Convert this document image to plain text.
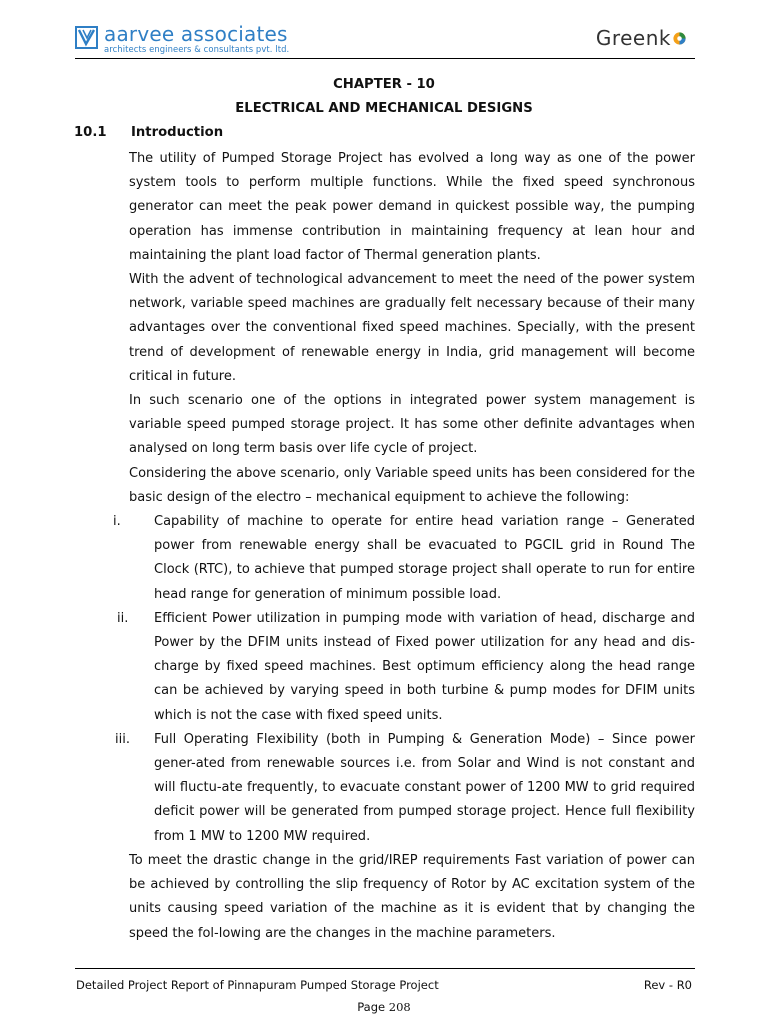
aarvee associates
architects engineers & consultants pvt. ltd.	Greenk
CHAPTER - 10
ELECTRICAL AND MECHANICAL DESIGNS
10.1 Introduction

The utility of Pumped Storage Project has evolved a long way as one of the power system tools to perform multiple functions. While the fixed speed synchronous generator can meet the peak power demand in quickest possible way, the pumping operation has immense contribution in maintaining frequency at lean hour and maintaining the plant load factor of Thermal generation plants.

With the advent of technological advancement to meet the need of the power system network, variable speed machines are gradually felt necessary because of their many advantages over the conventional fixed speed machines. Specially, with the present trend of development of renewable energy in India, grid management will become critical in future.

In such scenario one of the options in integrated power system management is variable speed pumped storage project. It has some other definite advantages when analysed on long term basis over life cycle of project.

Considering the above scenario, only Variable speed units has been considered for the basic design of the electro – mechanical equipment to achieve the following:

i.	Capability of machine to operate for entire head variation range – Generated power from renewable energy shall be evacuated to PGCIL grid in Round The Clock (RTC), to achieve that pumped storage project shall operate to run for entire head range for generation of minimum possible load.
ii.	Efficient Power utilization in pumping mode with variation of head, discharge and Power by the DFIM units instead of Fixed power utilization for any head and dis-charge by fixed speed machines. Best optimum efficiency along the head range can be achieved by varying speed in both turbine & pump modes for DFIM units which is not the case with fixed speed units.
iii.	Full Operating Flexibility (both in Pumping & Generation Mode) – Since power gener-ated from renewable sources i.e. from Solar and Wind is not constant and will fluctu-ate frequently, to evacuate constant power of 1200 MW to grid required deficit power will be generated from pumped storage project. Hence full flexibility from 1 MW to 1200 MW required.

To meet the drastic change in the grid/IREP requirements Fast variation of power can be achieved by controlling the slip frequency of Rotor by AC excitation system of the units causing speed variation of the machine as it is evident that by changing the speed the fol-lowing are the changes in the machine parameters.

Detailed Project Report of Pinnapuram Pumped Storage Project	Rev - R0
Page 208
